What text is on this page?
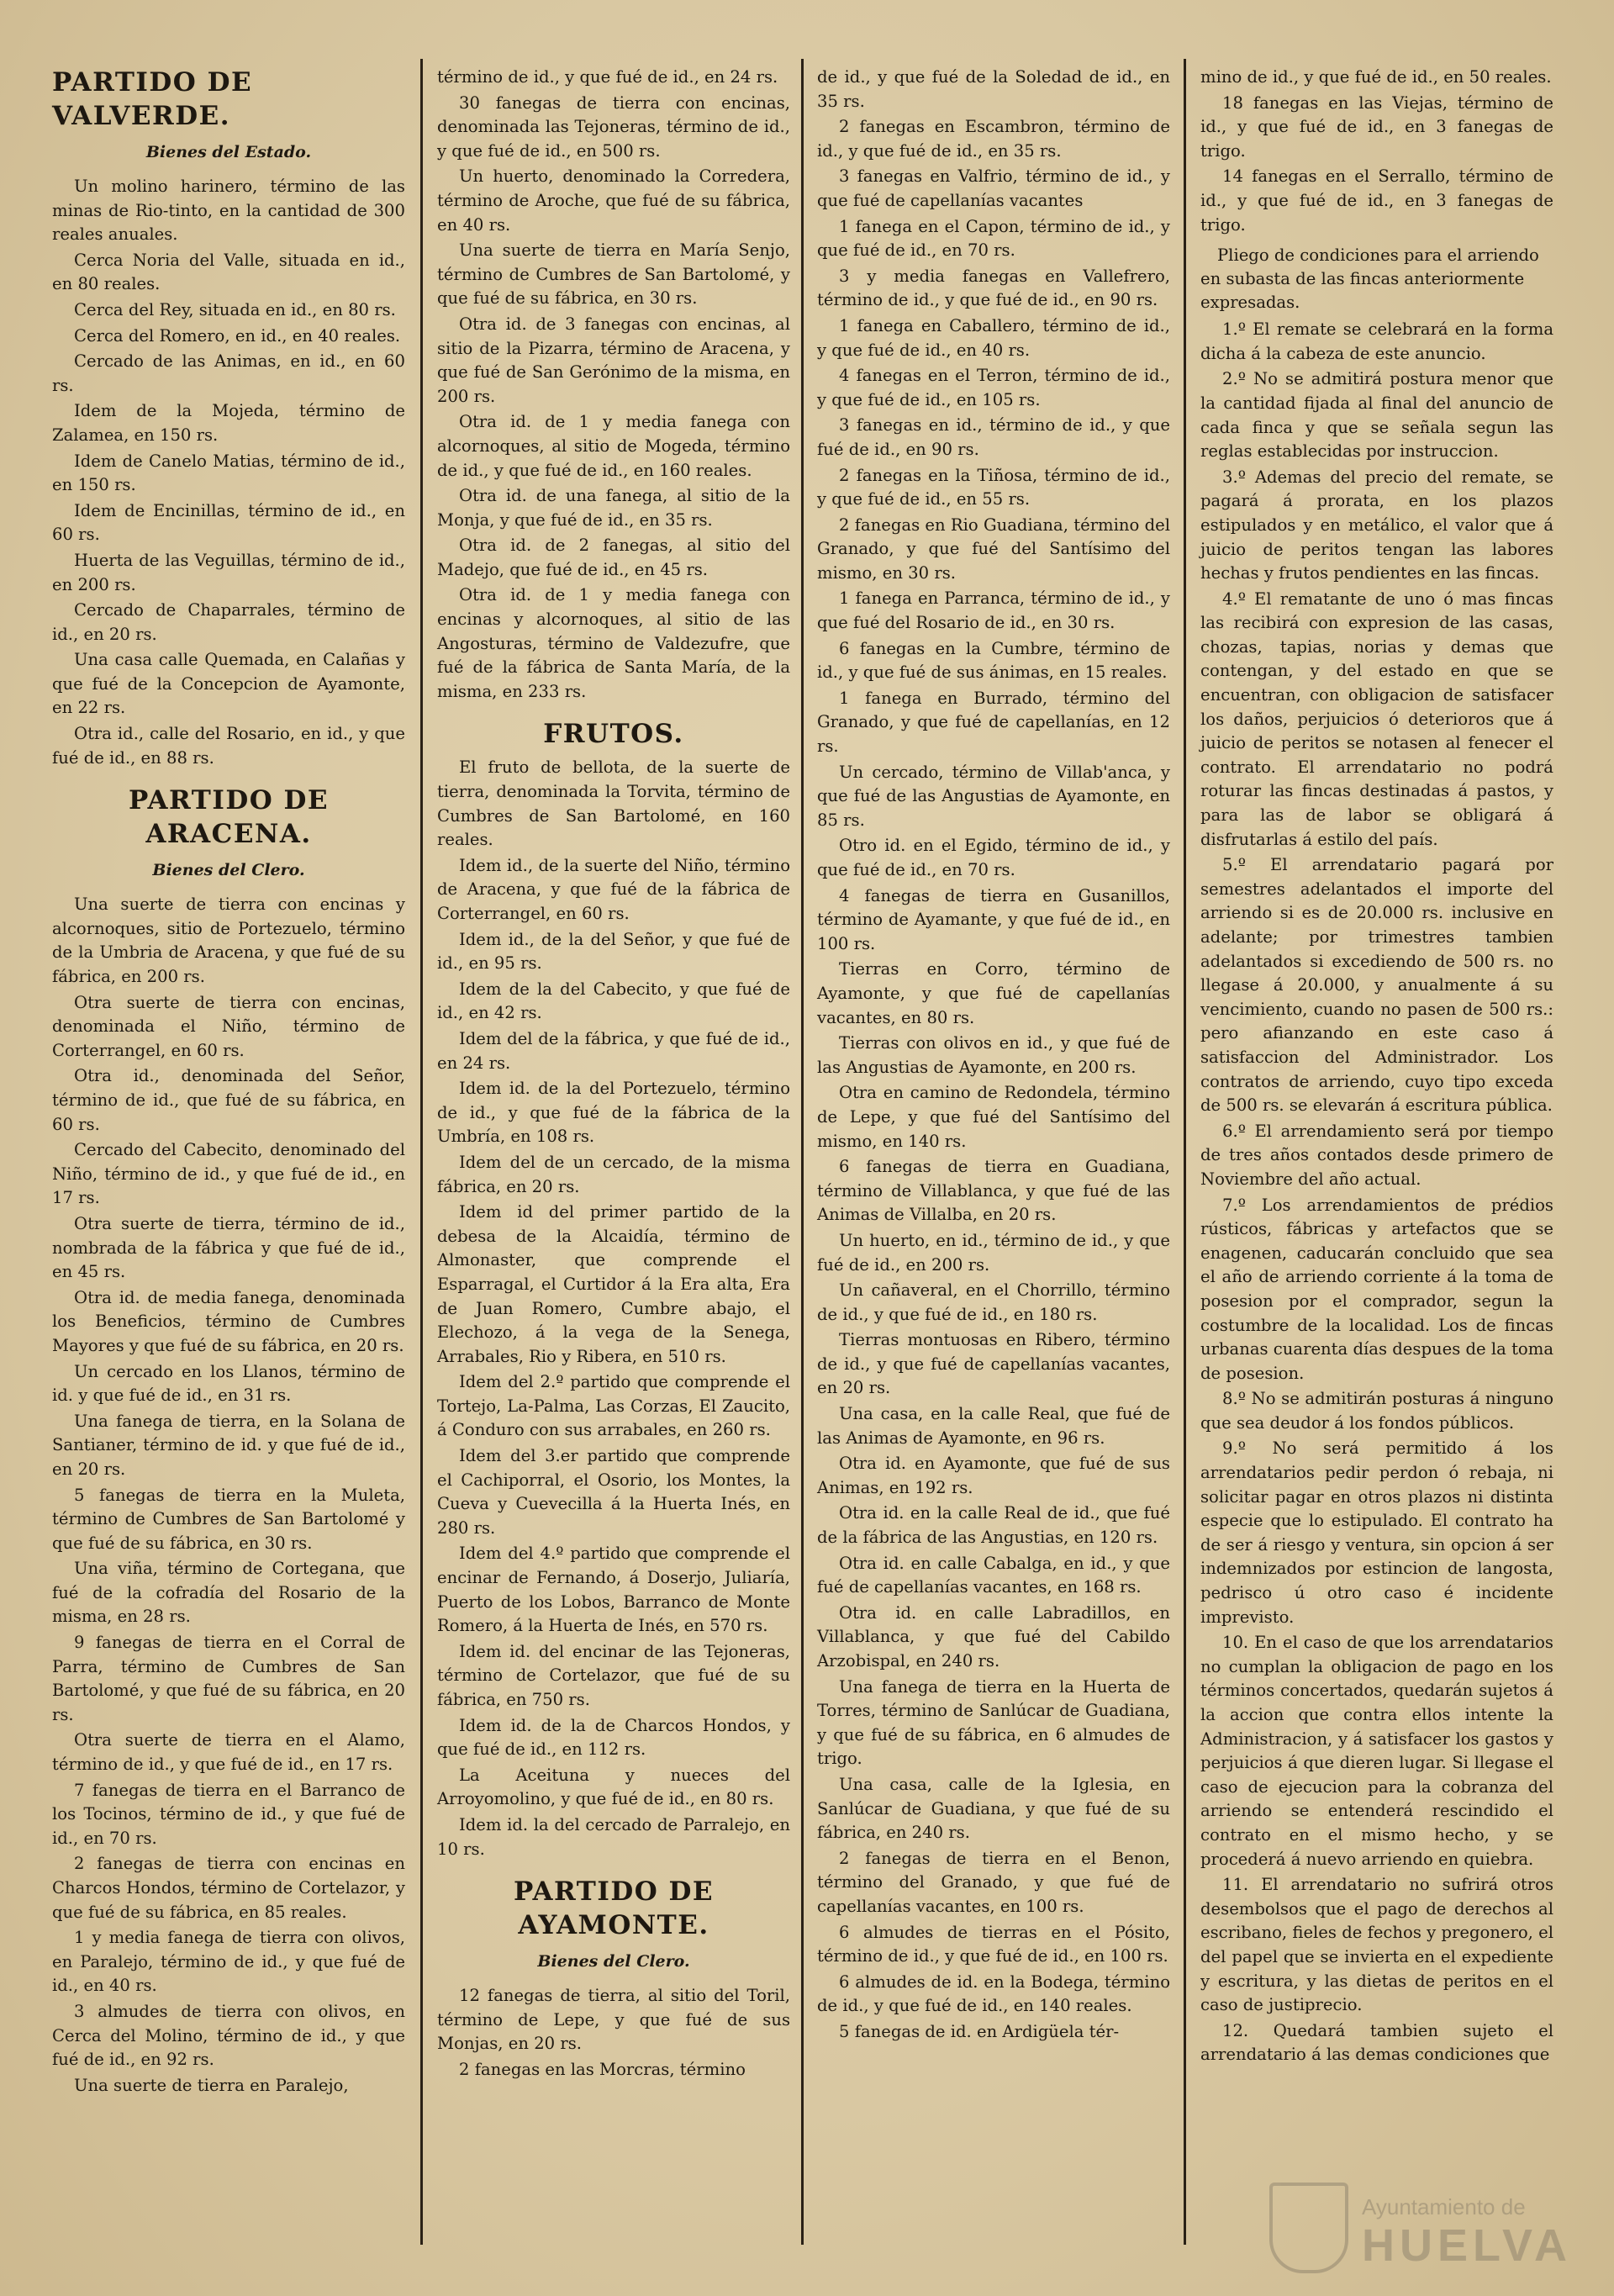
PARTIDO DE VALVERDE.
Bienes del Estado.

Un molino harinero, término de las minas de Rio-tinto, en la cantidad de 300 reales anuales.

Cerca Noria del Valle, situada en id., en 80 reales.

Cerca del Rey, situada en id., en 80 rs.

Cerca del Romero, en id., en 40 reales.

Cercado de las Animas, en id., en 60 rs.

Idem de la Mojeda, término de Zalamea, en 150 rs.

Idem de Canelo Matias, término de id., en 150 rs.

Idem de Encinillas, término de id., en 60 rs.

Huerta de las Veguillas, término de id., en 200 rs.

Cercado de Chaparrales, término de id., en 20 rs.

Una casa calle Quemada, en Calañas y que fué de la Concepcion de Ayamonte, en 22 rs.

Otra id., calle del Rosario, en id., y que fué de id., en 88 rs.

PARTIDO DE ARACENA.
Bienes del Clero.

Una suerte de tierra con encinas y alcornoques, sitio de Portezuelo, término de la Umbria de Aracena, y que fué de su fábrica, en 200 rs.

Otra suerte de tierra con encinas, denominada el Niño, término de Corterrangel, en 60 rs.

Otra id., denominada del Señor, término de id., que fué de su fábrica, en 60 rs.

Cercado del Cabecito, denominado del Niño, término de id., y que fué de id., en 17 rs.

Otra suerte de tierra, término de id., nombrada de la fábrica y que fué de id., en 45 rs.

Otra id. de media fanega, denominada los Beneficios, término de Cumbres Mayores y que fué de su fábrica, en 20 rs.

Un cercado en los Llanos, término de id. y que fué de id., en 31 rs.

Una fanega de tierra, en la Solana de Santianer, término de id. y que fué de id., en 20 rs.

5 fanegas de tierra en la Muleta, término de Cumbres de San Bartolomé y que fué de su fábrica, en 30 rs.

Una viña, término de Cortegana, que fué de la cofradía del Rosario de la misma, en 28 rs.

9 fanegas de tierra en el Corral de Parra, término de Cumbres de San Bartolomé, y que fué de su fábrica, en 20 rs.

Otra suerte de tierra en el Alamo, término de id., y que fué de id., en 17 rs.

7 fanegas de tierra en el Barranco de los Tocinos, término de id., y que fué de id., en 70 rs.

2 fanegas de tierra con encinas en Charcos Hondos, término de Cortelazor, y que fué de su fábrica, en 85 reales.

1 y media fanega de tierra con olivos, en Paralejo, término de id., y que fué de id., en 40 rs.

3 almudes de tierra con olivos, en Cerca del Molino, término de id., y que fué de id., en 92 rs.

Una suerte de tierra en Paralejo,

término de id., y que fué de id., en 24 rs.

30 fanegas de tierra con encinas, denominada las Tejoneras, término de id., y que fué de id., en 500 rs.

Un huerto, denominado la Corredera, término de Aroche, que fué de su fábrica, en 40 rs.

Una suerte de tierra en María Senjo, término de Cumbres de San Bartolomé, y que fué de su fábrica, en 30 rs.

Otra id. de 3 fanegas con encinas, al sitio de la Pizarra, término de Aracena, y que fué de San Gerónimo de la misma, en 200 rs.

Otra id. de 1 y media fanega con alcornoques, al sitio de Mogeda, término de id., y que fué de id., en 160 reales.

Otra id. de una fanega, al sitio de la Monja, y que fué de id., en 35 rs.

Otra id. de 2 fanegas, al sitio del Madejo, que fué de id., en 45 rs.

Otra id. de 1 y media fanega con encinas y alcornoques, al sitio de las Angosturas, término de Valdezufre, que fué de la fábrica de Santa María, de la misma, en 233 rs.

FRUTOS.

El fruto de bellota, de la suerte de tierra, denominada la Torvita, término de Cumbres de San Bartolomé, en 160 reales.

Idem id., de la suerte del Niño, término de Aracena, y que fué de la fábrica de Corterrangel, en 60 rs.

Idem id., de la del Señor, y que fué de id., en 95 rs.

Idem de la del Cabecito, y que fué de id., en 42 rs.

Idem del de la fábrica, y que fué de id., en 24 rs.

Idem id. de la del Portezuelo, término de id., y que fué de la fábrica de la Umbría, en 108 rs.

Idem del de un cercado, de la misma fábrica, en 20 rs.

Idem id del primer partido de la debesa de la Alcaidía, término de Almonaster, que comprende el Esparragal, el Curtidor á la Era alta, Era de Juan Romero, Cumbre abajo, el Elechozo, á la vega de la Senega, Arrabales, Rio y Ribera, en 510 rs.

Idem del 2.º partido que comprende el Tortejo, La-Palma, Las Corzas, El Zaucito, á Conduro con sus arrabales, en 260 rs.

Idem del 3.er partido que comprende el Cachiporral, el Osorio, los Montes, la Cueva y Cuevecilla á la Huerta Inés, en 280 rs.

Idem del 4.º partido que comprende el encinar de Fernando, á Doserjo, Juliaría, Puerto de los Lobos, Barranco de Monte Romero, á la Huerta de Inés, en 570 rs.

Idem id. del encinar de las Tejoneras, término de Cortelazor, que fué de su fábrica, en 750 rs.

Idem id. de la de Charcos Hondos, y que fué de id., en 112 rs.

La Aceituna y nueces del Arroyomolino, y que fué de id., en 80 rs.

Idem id. la del cercado de Parralejo, en 10 rs.

PARTIDO DE AYAMONTE.
Bienes del Clero.

12 fanegas de tierra, al sitio del Toril, término de Lepe, y que fué de sus Monjas, en 20 rs.

2 fanegas en las Morcras, término

de id., y que fué de la Soledad de id., en 35 rs.

2 fanegas en Escambron, término de id., y que fué de id., en 35 rs.

3 fanegas en Valfrio, término de id., y que fué de capellanías vacantes

1 fanega en el Capon, término de id., y que fué de id., en 70 rs.

3 y media fanegas en Vallefrero, término de id., y que fué de id., en 90 rs.

1 fanega en Caballero, término de id., y que fué de id., en 40 rs.

4 fanegas en el Terron, término de id., y que fué de id., en 105 rs.

3 fanegas en id., término de id., y que fué de id., en 90 rs.

2 fanegas en la Tiñosa, término de id., y que fué de id., en 55 rs.

2 fanegas en Rio Guadiana, término del Granado, y que fué del Santísimo del mismo, en 30 rs.

1 fanega en Parranca, término de id., y que fué del Rosario de id., en 30 rs.

6 fanegas en la Cumbre, término de id., y que fué de sus ánimas, en 15 reales.

1 fanega en Burrado, término del Granado, y que fué de capellanías, en 12 rs.

Un cercado, término de Villab'anca, y que fué de las Angustias de Ayamonte, en 85 rs.

Otro id. en el Egido, término de id., y que fué de id., en 70 rs.

4 fanegas de tierra en Gusanillos, término de Ayamante, y que fué de id., en 100 rs.

Tierras en Corro, término de Ayamonte, y que fué de capellanías vacantes, en 80 rs.

Tierras con olivos en id., y que fué de las Angustias de Ayamonte, en 200 rs.

Otra en camino de Redondela, término de Lepe, y que fué del Santísimo del mismo, en 140 rs.

6 fanegas de tierra en Guadiana, término de Villablanca, y que fué de las Animas de Villalba, en 20 rs.

Un huerto, en id., término de id., y que fué de id., en 200 rs.

Un cañaveral, en el Chorrillo, término de id., y que fué de id., en 180 rs.

Tierras montuosas en Ribero, término de id., y que fué de capellanías vacantes, en 20 rs.

Una casa, en la calle Real, que fué de las Animas de Ayamonte, en 96 rs.

Otra id. en Ayamonte, que fué de sus Animas, en 192 rs.

Otra id. en la calle Real de id., que fué de la fábrica de las Angustias, en 120 rs.

Otra id. en calle Cabalga, en id., y que fué de capellanías vacantes, en 168 rs.

Otra id. en calle Labradillos, en Villablanca, y que fué del Cabildo Arzobispal, en 240 rs.

Una fanega de tierra en la Huerta de Torres, término de Sanlúcar de Guadiana, y que fué de su fábrica, en 6 almudes de trigo.

Una casa, calle de la Iglesia, en Sanlúcar de Guadiana, y que fué de su fábrica, en 240 rs.

2 fanegas de tierra en el Benon, término del Granado, y que fué de capellanías vacantes, en 100 rs.

6 almudes de tierras en el Pósito, término de id., y que fué de id., en 100 rs.

6 almudes de id. en la Bodega, término de id., y que fué de id., en 140 reales.

5 fanegas de id. en Ardigüela tér-

mino de id., y que fué de id., en 50 reales.

18 fanegas en las Viejas, término de id., y que fué de id., en 3 fanegas de trigo.

14 fanegas en el Serrallo, término de id., y que fué de id., en 3 fanegas de trigo.

Pliego de condiciones para el arriendo en subasta de las fincas anteriormente expresadas.

1.º El remate se celebrará en la forma dicha á la cabeza de este anuncio.

2.º No se admitirá postura menor que la cantidad fijada al final del anuncio de cada finca y que se señala segun las reglas establecidas por instruccion.

3.º Ademas del precio del remate, se pagará á prorata, en los plazos estipulados y en metálico, el valor que á juicio de peritos tengan las labores hechas y frutos pendientes en las fincas.

4.º El rematante de uno ó mas fincas las recibirá con expresion de las casas, chozas, tapias, norias y demas que contengan, y del estado en que se encuentran, con obligacion de satisfacer los daños, perjuicios ó deterioros que á juicio de peritos se notasen al fenecer el contrato. El arrendatario no podrá roturar las fincas destinadas á pastos, y para las de labor se obligará á disfrutarlas á estilo del país.

5.º El arrendatario pagará por semestres adelantados el importe del arriendo si es de 20.000 rs. inclusive en adelante; por trimestres tambien adelantados si excediendo de 500 rs. no llegase á 20.000, y anualmente á su vencimiento, cuando no pasen de 500 rs.: pero afianzando en este caso á satisfaccion del Administrador. Los contratos de arriendo, cuyo tipo exceda de 500 rs. se elevarán á escritura pública.

6.º El arrendamiento será por tiempo de tres años contados desde primero de Noviembre del año actual.

7.º Los arrendamientos de prédios rústicos, fábricas y artefactos que se enagenen, caducarán concluido que sea el año de arriendo corriente á la toma de posesion por el comprador, segun la costumbre de la localidad. Los de fincas urbanas cuarenta días despues de la toma de posesion.

8.º No se admitirán posturas á ninguno que sea deudor á los fondos públicos.

9.º No será permitido á los arrendatarios pedir perdon ó rebaja, ni solicitar pagar en otros plazos ni distinta especie que lo estipulado. El contrato ha de ser á riesgo y ventura, sin opcion á ser indemnizados por estincion de langosta, pedrisco ú otro caso é incidente imprevisto.

10. En el caso de que los arrendatarios no cumplan la obligacion de pago en los términos concertados, quedarán sujetos á la accion que contra ellos intente la Administracion, y á satisfacer los gastos y perjuicios á que dieren lugar. Si llegase el caso de ejecucion para la cobranza del arriendo se entenderá rescindido el contrato en el mismo hecho, y se procederá á nuevo arriendo en quiebra.

11. El arrendatario no sufrirá otros desembolsos que el pago de derechos al escribano, fieles de fechos y pregonero, el del papel que se invierta en el expediente y escritura, y las dietas de peritos en el caso de justiprecio.

12. Quedará tambien sujeto el arrendatario á las demas condiciones que

Ayuntamiento de
HUELVA
